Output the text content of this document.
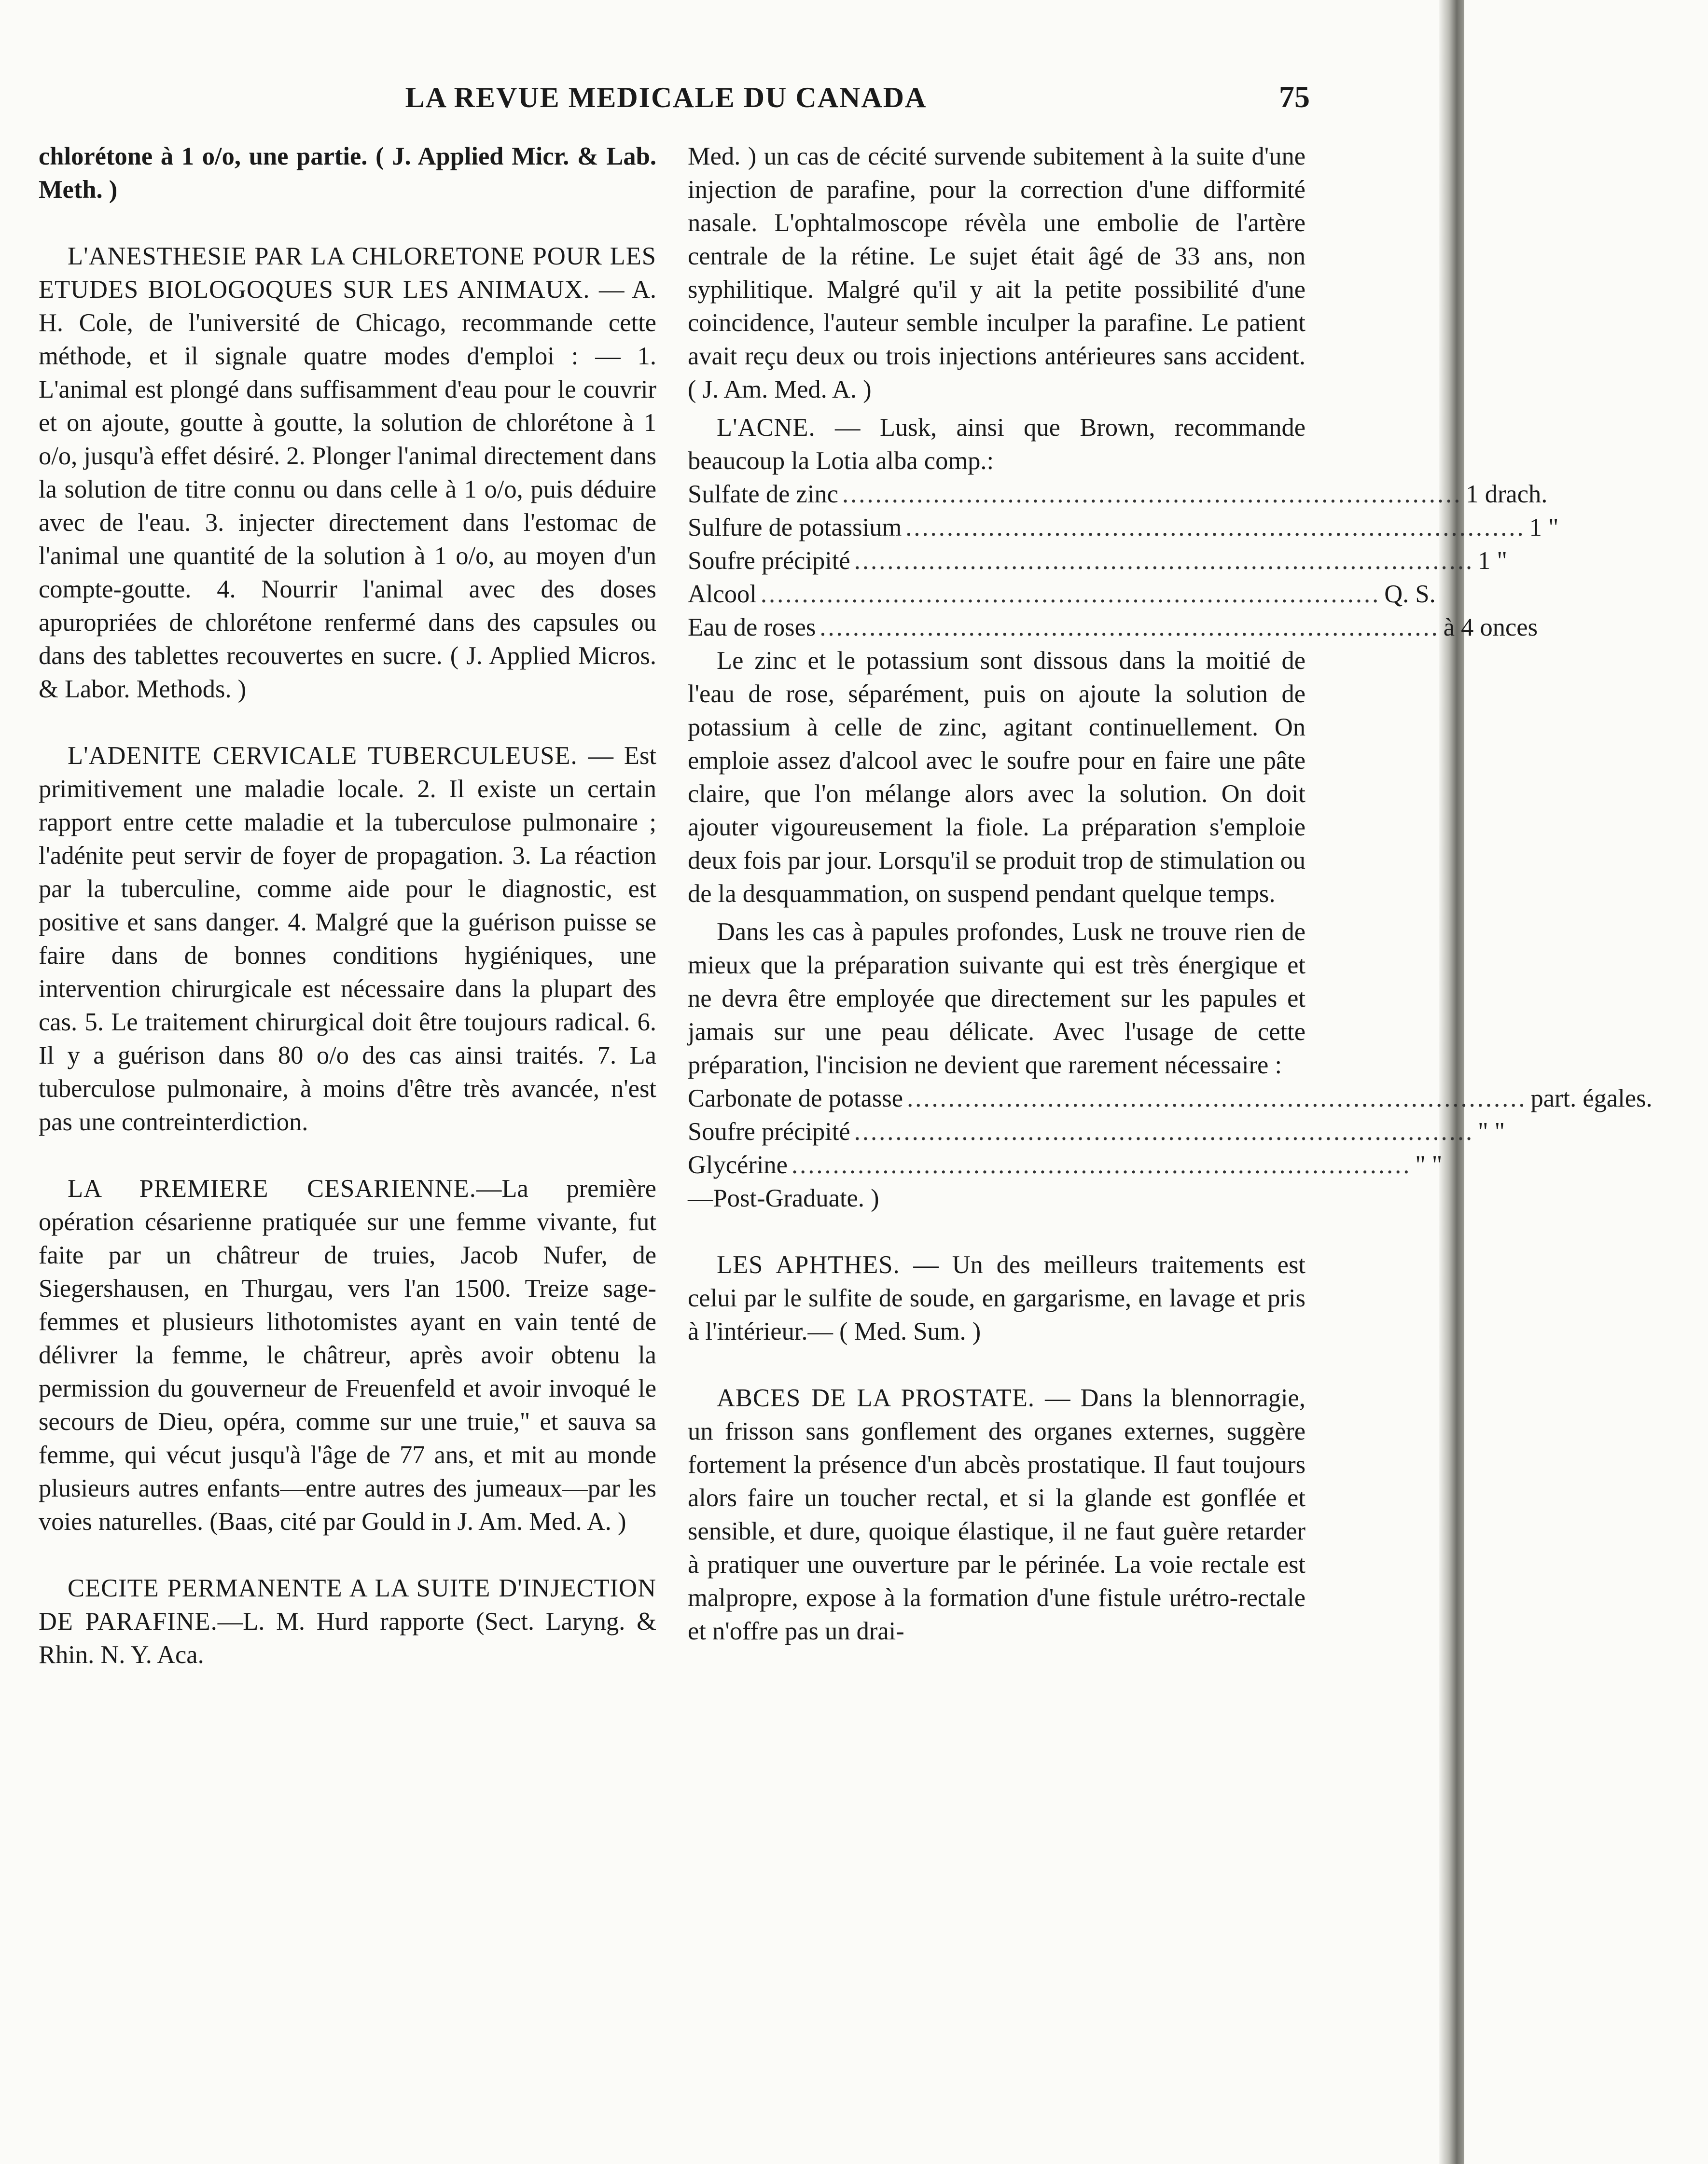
LA REVUE MEDICALE DU CANADA	75

chlorétone à 1 o/o, une partie. ( J. Applied Micr. & Lab. Meth. )

L'ANESTHESIE PAR LA CHLORETONE POUR LES ETUDES BIOLOGOQUES SUR LES ANIMAUX. — A. H. Cole, de l'université de Chicago, recommande cette méthode, et il signale quatre modes d'emploi : — 1. L'animal est plongé dans suffisamment d'eau pour le couvrir et on ajoute, goutte à goutte, la solution de chlorétone à 1 o/o, jusqu'à effet désiré. 2. Plonger l'animal directement dans la solution de titre connu ou dans celle à 1 o/o, puis déduire avec de l'eau. 3. injecter directement dans l'estomac de l'animal une quantité de la solution à 1 o/o, au moyen d'un compte-goutte. 4. Nourrir l'animal avec des doses apuropriées de chlorétone renfermé dans des capsules ou dans des tablettes recouvertes en sucre. ( J. Applied Micros. & Labor. Methods. )

L'ADENITE CERVICALE TUBERCULEUSE. — Est primitivement une maladie locale. 2. Il existe un certain rapport entre cette maladie et la tuberculose pulmonaire ; l'adénite peut servir de foyer de propagation. 3. La réaction par la tuberculine, comme aide pour le diagnostic, est positive et sans danger. 4. Malgré que la guérison puisse se faire dans de bonnes conditions hygiéniques, une intervention chirurgicale est nécessaire dans la plupart des cas. 5. Le traitement chirurgical doit être toujours radical. 6. Il y a guérison dans 80 o/o des cas ainsi traités. 7. La tuberculose pulmonaire, à moins d'être très avancée, n'est pas une contreinterdiction.

LA PREMIERE CESARIENNE.—La première opération césarienne pratiquée sur une femme vivante, fut faite par un châtreur de truies, Jacob Nufer, de Siegershausen, en Thurgau, vers l'an 1500. Treize sage-femmes et plusieurs lithotomistes ayant en vain tenté de délivrer la femme, le châtreur, après avoir obtenu la permission du gouverneur de Freuenfeld et avoir invoqué le secours de Dieu, opéra, comme sur une truie," et sauva sa femme, qui vécut jusqu'à l'âge de 77 ans, et mit au monde plusieurs autres enfants—entre autres des jumeaux—par les voies naturelles. (Baas, cité par Gould in J. Am. Med. A. )

CECITE PERMANENTE A LA SUITE D'INJECTION DE PARAFINE.—L. M. Hurd rapporte (Sect. Laryng. & Rhin. N. Y. Aca.

Med. ) un cas de cécité survende subitement à la suite d'une injection de parafine, pour la correction d'une difformité nasale. L'ophtalmoscope révèla une embolie de l'artère centrale de la rétine. Le sujet était âgé de 33 ans, non syphilitique. Malgré qu'il y ait la petite possibilité d'une coincidence, l'auteur semble inculper la parafine. Le patient avait reçu deux ou trois injections antérieures sans accident. ( J. Am. Med. A. )

L'ACNE. — Lusk, ainsi que Brown, recommande beaucoup la Lotia alba comp.:

Sulfate de zinc ........................................................................... 1 drach.
Sulfure de potassium ........................................................................... 1 "
Soufre précipité ........................................................................... 1 "
Alcool ........................................................................... Q. S.
Eau de roses ........................................................................... à 4 onces

Le zinc et le potassium sont dissous dans la moitié de l'eau de rose, séparément, puis on ajoute la solution de potassium à celle de zinc, agitant continuellement. On emploie assez d'alcool avec le soufre pour en faire une pâte claire, que l'on mélange alors avec la solution. On doit ajouter vigoureusement la fiole. La préparation s'emploie deux fois par jour. Lorsqu'il se produit trop de stimulation ou de la desquammation, on suspend pendant quelque temps.

Dans les cas à papules profondes, Lusk ne trouve rien de mieux que la préparation suivante qui est très énergique et ne devra être employée que directement sur les papules et jamais sur une peau délicate. Avec l'usage de cette préparation, l'incision ne devient que rarement nécessaire :

Carbonate de potasse ........................................................................... part. égales.
Soufre précipité ........................................................................... " "
Glycérine ........................................................................... " "

—Post-Graduate. )

LES APHTHES. — Un des meilleurs traitements est celui par le sulfite de soude, en gargarisme, en lavage et pris à l'intérieur.— ( Med. Sum. )

ABCES DE LA PROSTATE. — Dans la blennorragie, un frisson sans gonflement des organes externes, suggère fortement la présence d'un abcès prostatique. Il faut toujours alors faire un toucher rectal, et si la glande est gonflée et sensible, et dure, quoique élastique, il ne faut guère retarder à pratiquer une ouverture par le périnée. La voie rectale est malpropre, expose à la formation d'une fistule urétro-rectale et n'offre pas un drai-
